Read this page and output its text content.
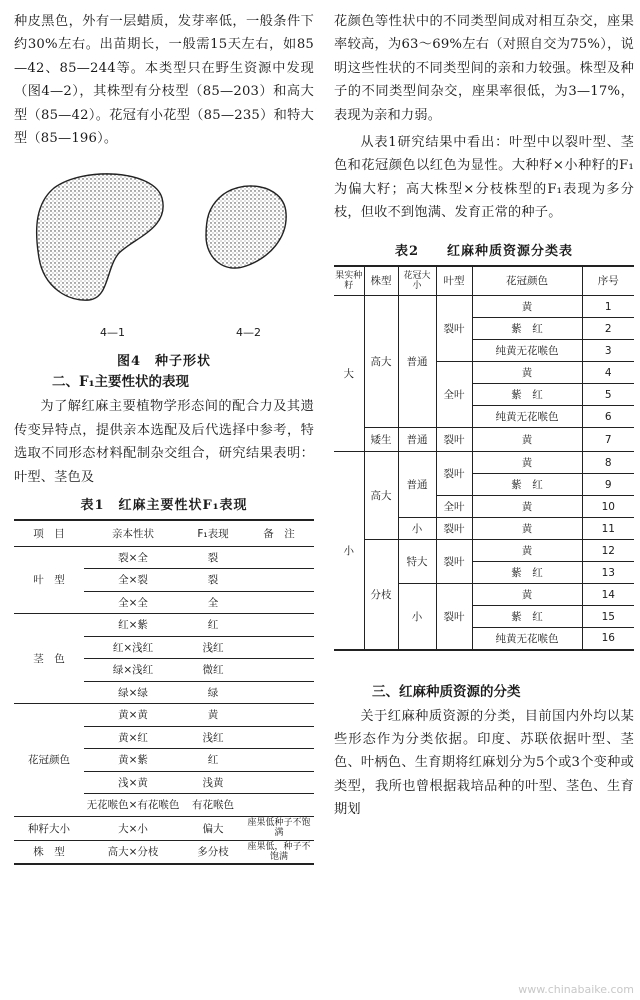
种皮黑色，外有一层蜡质，发芽率低，一般条件下约30%左右。出苗期长，一般需15天左右，如85—42、85—244等。本类型只在野生资源中发现（图4—2），其株型有分枝型（85—203）和高大型（85—42）。花冠有小花型（85—235）和特大型（85—196）。

4—1	4—2
图4　种子形状
二、F₁主要性状的表现

为了解红麻主要植物学形态间的配合力及其遗传变异特点，提供亲本选配及后代选择中参考，特选取不同形态材料配制杂交组合，研究结果表明：叶型、茎色及

表1　红麻主要性状F₁表现
项　目	亲本性状	F₁表现	备　注
叶　型	裂×全	裂	
	全×裂	裂	
	全×全	全	
茎　色	红×紫	红	
	红×浅红	浅红	
	绿×浅红	微红	
	绿×绿	绿	
花冠颜色	黄×黄	黄	
	黄×红	浅红	
	黄×紫	红	
	浅×黄	浅黄	
	无花喉色×有花喉色	有花喉色	
种籽大小	大×小	偏大	座果低种子不饱满
株　型	高大×分枝	多分枝	座果低，种子不饱满

花颜色等性状中的不同类型间成对相互杂交，座果率较高，为63～69%左右（对照自交为75%），说明这些性状的不同类型间的亲和力较强。株型及种子的不同类型间杂交，座果率很低，为3—17%，表现为亲和力弱。

从表1研究结果中看出：叶型中以裂叶型、茎色和花冠颜色以红色为显性。大种籽×小种籽的F₁为偏大籽；高大株型×分枝株型的F₁表现为多分枝，但收不到饱满、发育正常的种子。

表2　　红麻种质资源分类表
果实种籽	株型	花冠大小	叶型	花冠颜色	序号
大	高大	普通	裂叶	黄	1
				紫　红	2
				纯黄无花喉色	3
			全叶	黄	4
				紫　红	5
				纯黄无花喉色	6
	矮生	普通	裂叶	黄	7
小	高大	普通	裂叶	黄	8
				紫　红	9
			全叶	黄	10
		小	裂叶	黄	11
	分枝	特大	裂叶	黄	12
				紫　红	13
		小	裂叶	黄	14
				紫　红	15
				纯黄无花喉色	16
三、红麻种质资源的分类

关于红麻种质资源的分类，目前国内外均以某些形态作为分类依据。印度、苏联依据叶型、茎色、叶柄色、生育期将红麻划分为5个或3个变种或类型，我所也曾根据栽培品种的叶型、茎色、生育期划

www.chinabaike.com
